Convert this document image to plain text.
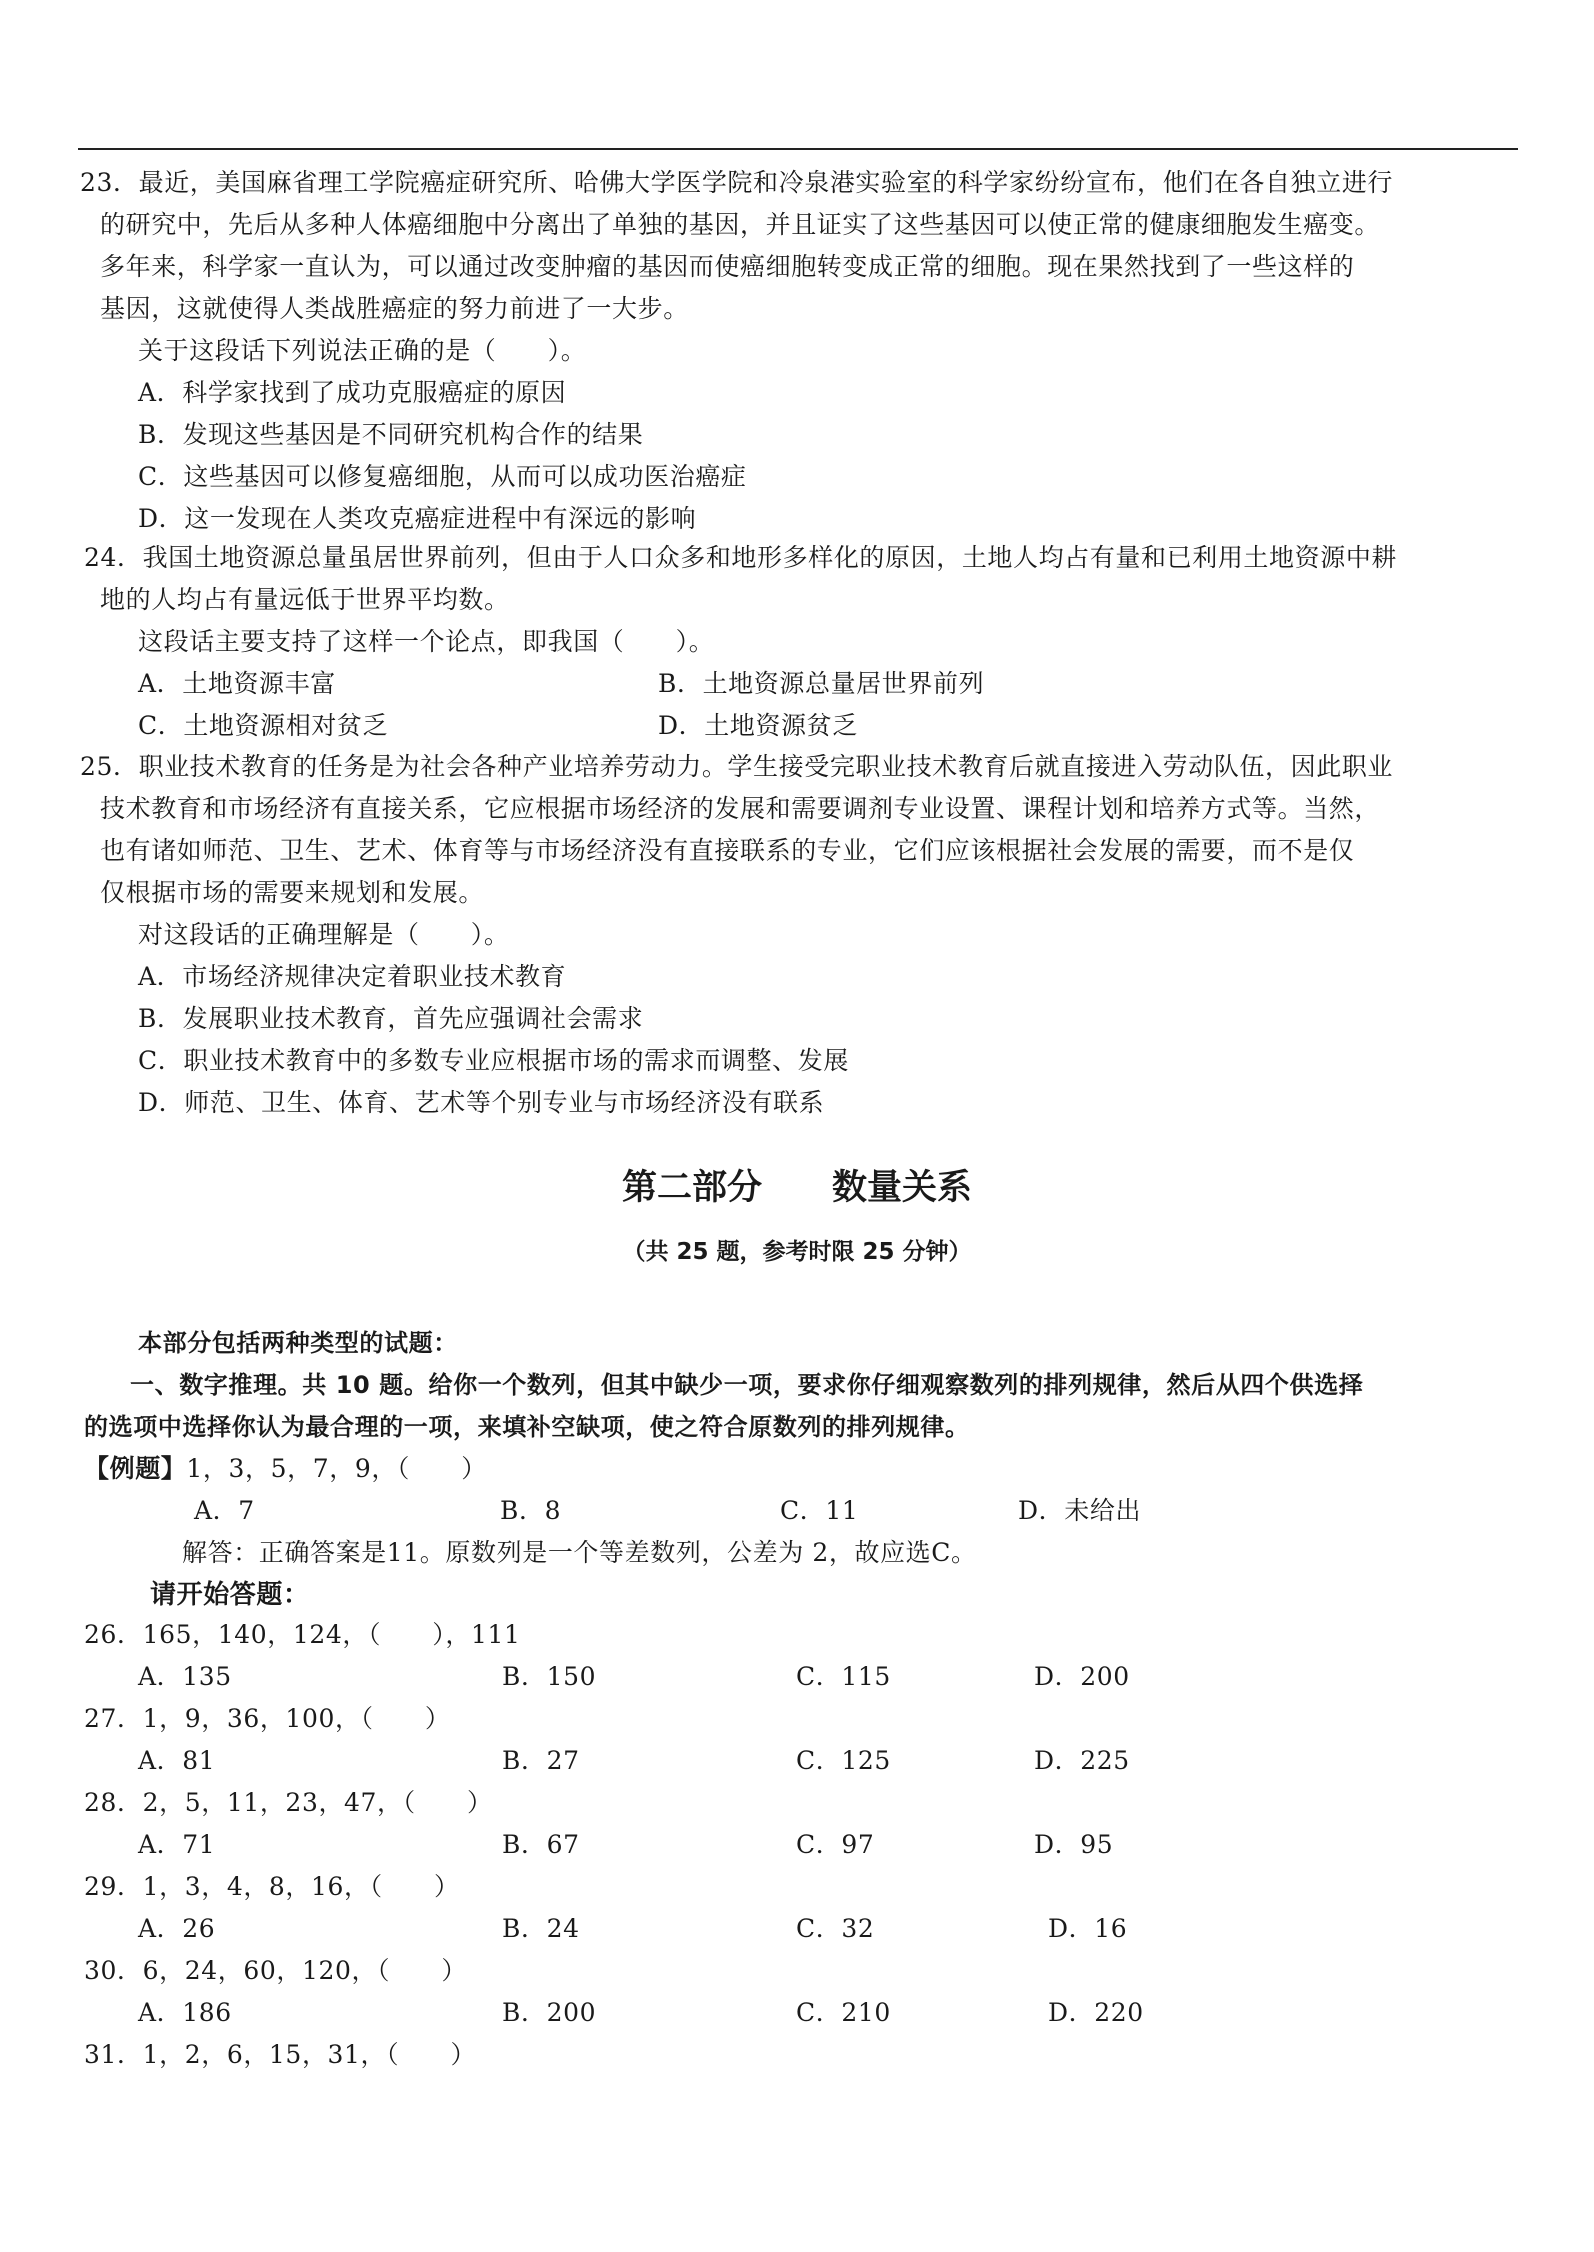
23．最近，美国麻省理工学院癌症研究所、哈佛大学医学院和冷泉港实验室的科学家纷纷宣布，他们在各自独立进行
的研究中，先后从多种人体癌细胞中分离出了单独的基因，并且证实了这些基因可以使正常的健康细胞发生癌变。
多年来，科学家一直认为，可以通过改变肿瘤的基因而使癌细胞转变成正常的细胞。现在果然找到了一些这样的
基因，这就使得人类战胜癌症的努力前进了一大步。
关于这段话下列说法正确的是（　　）。
A．科学家找到了成功克服癌症的原因
B．发现这些基因是不同研究机构合作的结果
C．这些基因可以修复癌细胞，从而可以成功医治癌症
D．这一发现在人类攻克癌症进程中有深远的影响
24．我国土地资源总量虽居世界前列，但由于人口众多和地形多样化的原因，土地人均占有量和已利用土地资源中耕
地的人均占有量远低于世界平均数。
这段话主要支持了这样一个论点，即我国（　　）。
A．土地资源丰富	B．土地资源总量居世界前列
C．土地资源相对贫乏	D．土地资源贫乏
25．职业技术教育的任务是为社会各种产业培养劳动力。学生接受完职业技术教育后就直接进入劳动队伍，因此职业
技术教育和市场经济有直接关系，它应根据市场经济的发展和需要调剂专业设置、课程计划和培养方式等。当然，
也有诸如师范、卫生、艺术、体育等与市场经济没有直接联系的专业，它们应该根据社会发展的需要，而不是仅
仅根据市场的需要来规划和发展。
对这段话的正确理解是（　　）。
A．市场经济规律决定着职业技术教育
B．发展职业技术教育，首先应强调社会需求
C．职业技术教育中的多数专业应根据市场的需求而调整、发展
D．师范、卫生、体育、艺术等个别专业与市场经济没有联系
第二部分　　数量关系
（共 25 题，参考时限 25 分钟）
本部分包括两种类型的试题：
一、数字推理。共 10 题。给你一个数列，但其中缺少一项，要求你仔细观察数列的排列规律，然后从四个供选择
的选项中选择你认为最合理的一项，来填补空缺项，使之符合原数列的排列规律。
【例题】1，3，5，7，9，（　　）
A．7	B．8	C．11	D．未给出
解答：正确答案是11。原数列是一个等差数列，公差为 2，故应选C。
请开始答题：
26．165，140，124，（　　），111
A．135	B．150	C．115	D．200
27．1，9，36，100，（　　）
A．81	B．27	C．125	D．225
28．2，5，11，23，47，（　　）
A．71	B．67	C．97	D．95
29．1，3，4，8，16，（　　）
A．26	B．24	C．32	D．16
30．6，24，60，120，（　　）
A．186	B．200	C．210	D．220
31．1，2，6，15，31，（　　）
